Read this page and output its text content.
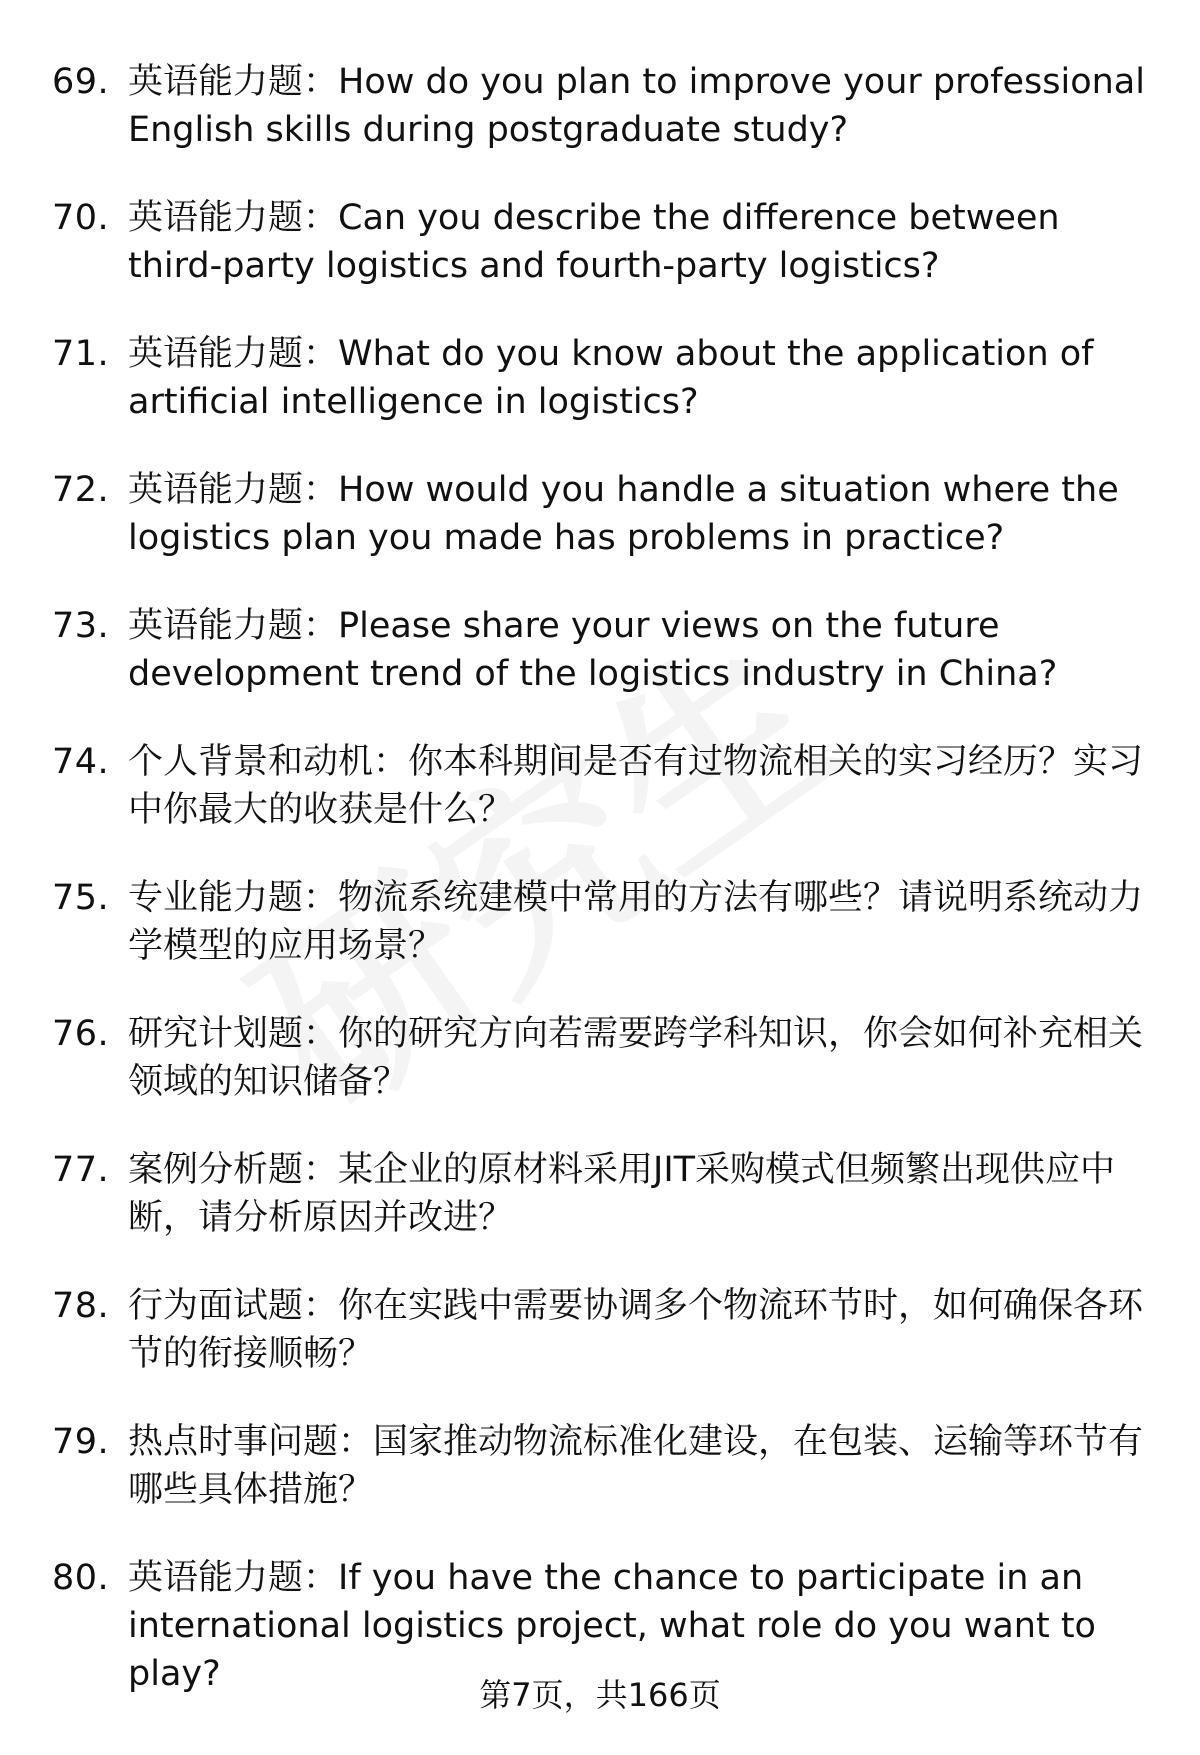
69. 英语能力题：How do you plan to improve your professional English skills during postgraduate study?
70. 英语能力题：Can you describe the difference between third-party logistics and fourth-party logistics?
71. 英语能力题：What do you know about the application of artificial intelligence in logistics?
72. 英语能力题：How would you handle a situation where the logistics plan you made has problems in practice?
73. 英语能力题：Please share your views on the future development trend of the logistics industry in China?
74. 个人背景和动机：你本科期间是否有过物流相关的实习经历？实习中你最大的收获是什么？
75. 专业能力题：物流系统建模中常用的方法有哪些？请说明系统动力学模型的应用场景？
76. 研究计划题：你的研究方向若需要跨学科知识，你会如何补充相关领域的知识储备？
77. 案例分析题：某企业的原材料采用JIT采购模式但频繁出现供应中断，请分析原因并改进？
78. 行为面试题：你在实践中需要协调多个物流环节时，如何确保各环节的衔接顺畅？
79. 热点时事问题：国家推动物流标准化建设，在包装、运输等环节有哪些具体措施？
80. 英语能力题：If you have the chance to participate in an international logistics project, what role do you want to play?
第7页，共166页
